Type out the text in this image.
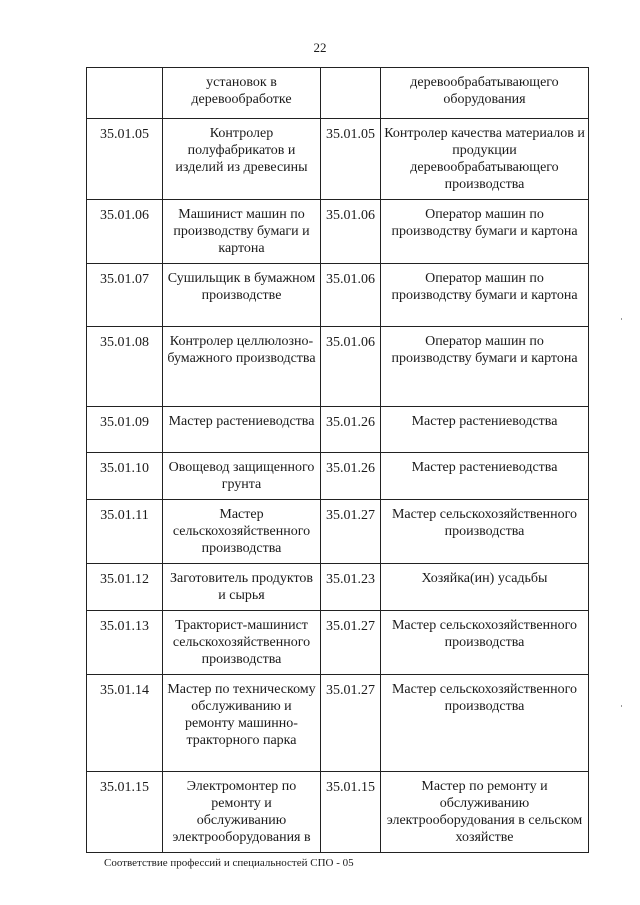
22
	установок в деревообработке		деревообрабатывающего оборудования
35.01.05	Контролер полуфабрикатов и изделий из древесины	35.01.05	Контролер качества материалов и продукции деревообрабатывающего производства
35.01.06	Машинист машин по производству бумаги и картона	35.01.06	Оператор машин по производству бумаги и картона
35.01.07	Сушильщик в бумажном производстве	35.01.06	Оператор машин по производству бумаги и картона
35.01.08	Контролер целлюлозно-бумажного производства	35.01.06	Оператор машин по производству бумаги и картона
35.01.09	Мастер растениеводства	35.01.26	Мастер растениеводства
35.01.10	Овощевод защищенного грунта	35.01.26	Мастер растениеводства
35.01.11	Мастер сельскохозяйственного производства	35.01.27	Мастер сельскохозяйственного производства
35.01.12	Заготовитель продуктов и сырья	35.01.23	Хозяйка(ин) усадьбы
35.01.13	Тракторист-машинист сельскохозяйственного производства	35.01.27	Мастер сельскохозяйственного производства
35.01.14	Мастер по техническому обслуживанию и ремонту машинно-тракторного парка	35.01.27	Мастер сельскохозяйственного производства
35.01.15	Электромонтер по ремонту и обслуживанию электрооборудования в	35.01.15	Мастер по ремонту и обслуживанию электрооборудования в сельском хозяйстве
Соответствие профессий и специальностей СПО - 05
